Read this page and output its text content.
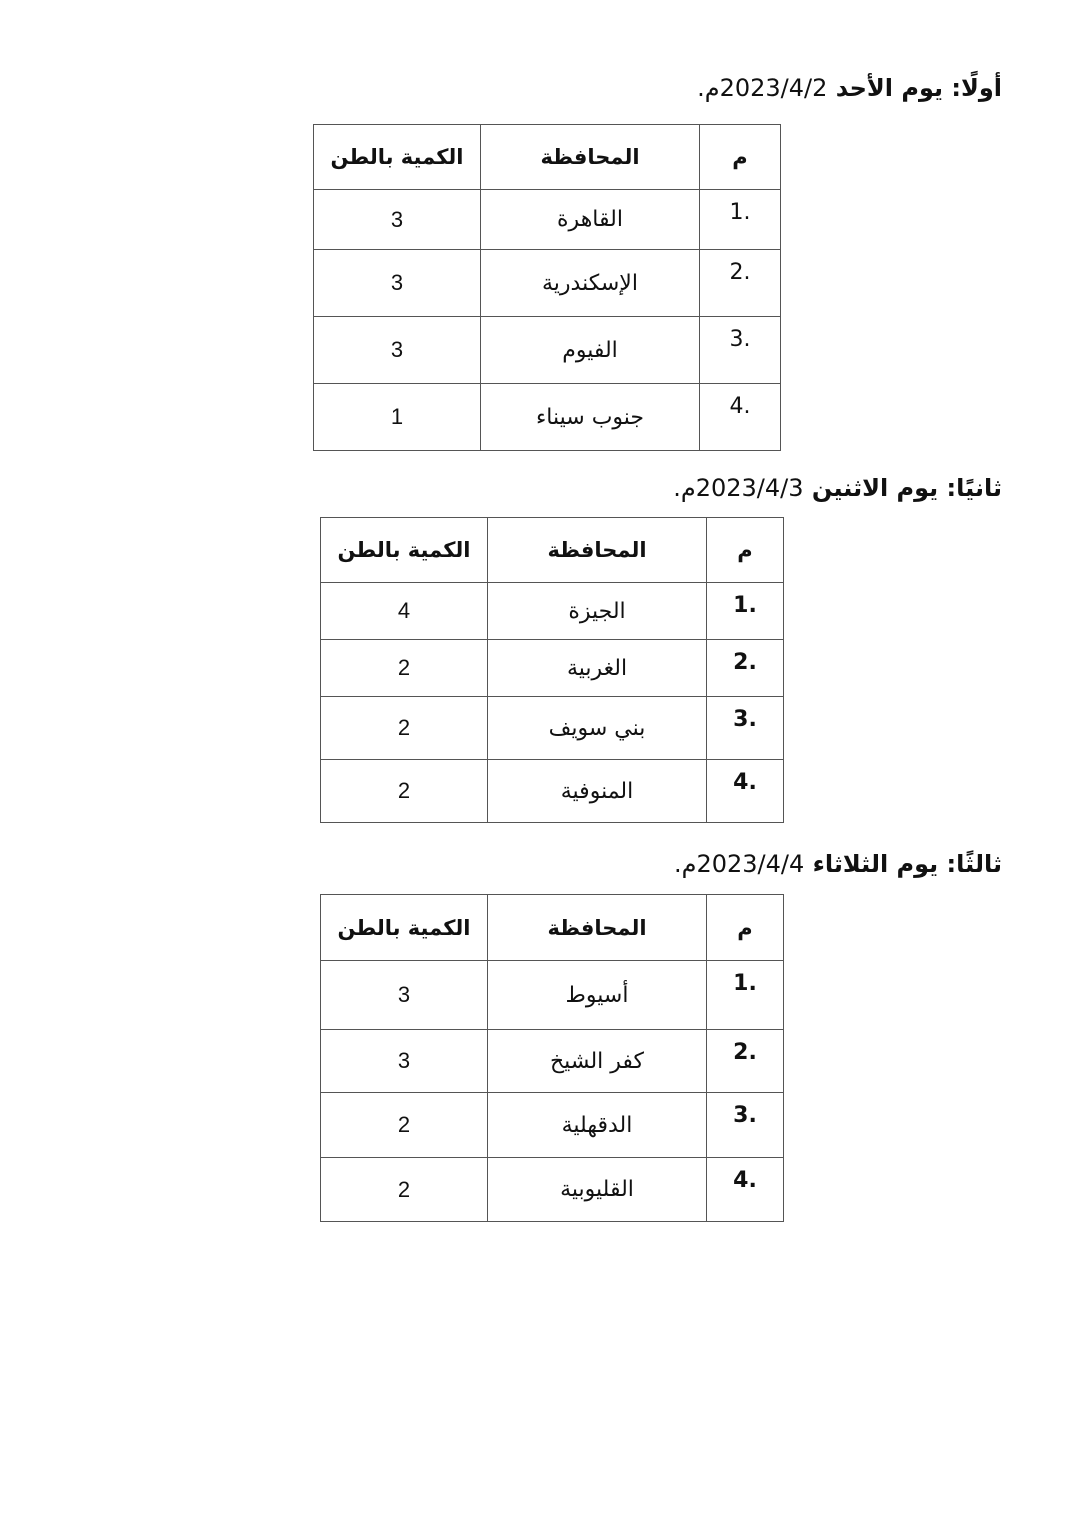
أولًا: يوم الأحد 2023/4/2م.
الكمية بالطن	المحافظة	م
3	القاهرة	.1
3	الإسكندرية	.2
3	الفيوم	.3
1	جنوب سيناء	.4
ثانيًا: يوم الاثنين 2023/4/3م.
الكمية بالطن	المحافظة	م
4	الجيزة	.1
2	الغربية	.2
2	بني سويف	.3
2	المنوفية	.4
ثالثًا: يوم الثلاثاء 2023/4/4م.
الكمية بالطن	المحافظة	م
3	أسيوط	.1
3	كفر الشيخ	.2
2	الدقهلية	.3
2	القليوبية	.4
